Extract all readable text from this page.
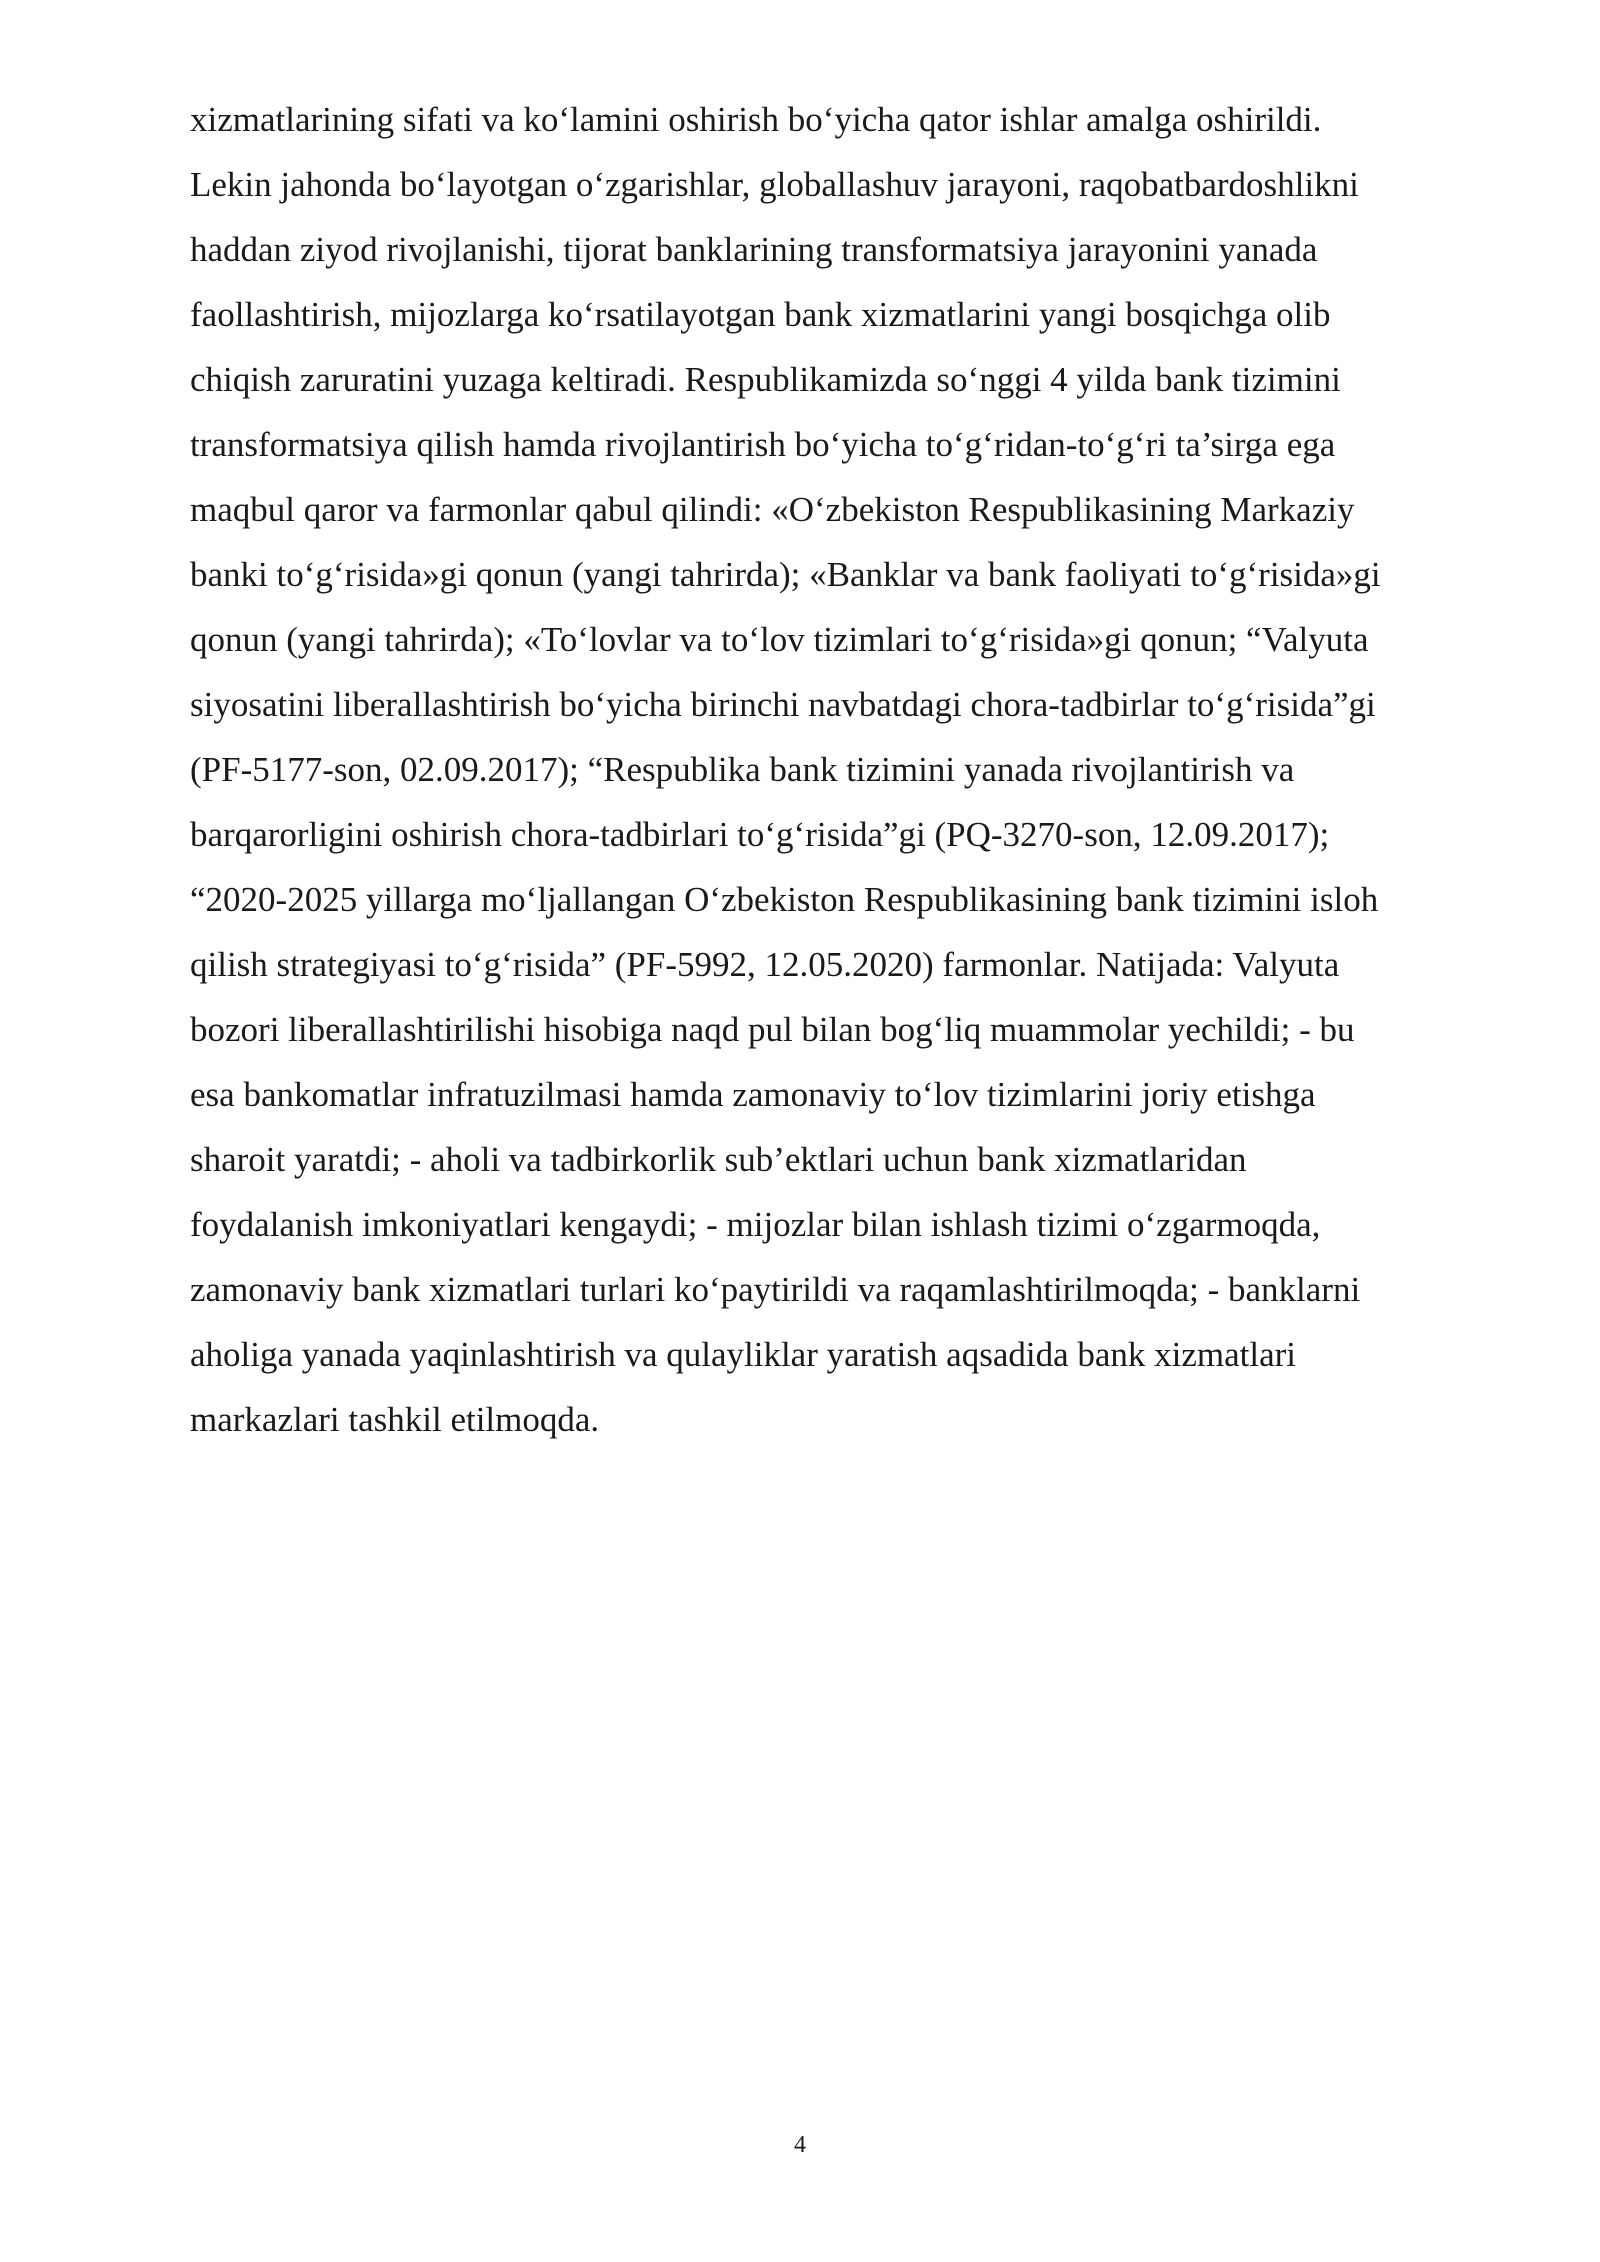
xizmatlarining sifati va ko‘lamini oshirish bo‘yicha qator ishlar amalga oshirildi.
Lekin jahonda bo‘layotgan o‘zgarishlar, globallashuv jarayoni, raqobatbardoshlikni
haddan ziyod rivojlanishi, tijorat banklarining transformatsiya jarayonini yanada
faollashtirish, mijozlarga ko‘rsatilayotgan bank xizmatlarini yangi bosqichga olib
chiqish zaruratini yuzaga keltiradi. Respublikamizda so‘nggi 4 yilda bank tizimini
transformatsiya qilish hamda rivojlantirish bo‘yicha to‘g‘ridan-to‘g‘ri ta’sirga ega
maqbul qaror va farmonlar qabul qilindi: «O‘zbekiston Respublikasining Markaziy
banki to‘g‘risida»gi qonun (yangi tahrirda); «Banklar va bank faoliyati to‘g‘risida»gi
qonun (yangi tahrirda); «To‘lovlar va to‘lov tizimlari to‘g‘risida»gi qonun; “Valyuta
siyosatini liberallashtirish bo‘yicha birinchi navbatdagi chora-tadbirlar to‘g‘risida”gi
(PF-5177-son, 02.09.2017); “Respublika bank tizimini yanada rivojlantirish va
barqarorligini oshirish chora-tadbirlari to‘g‘risida”gi (PQ-3270-son, 12.09.2017);
“2020-2025 yillarga mo‘ljallangan O‘zbekiston Respublikasining bank tizimini isloh
qilish strategiyasi to‘g‘risida” (PF-5992, 12.05.2020) farmonlar. Natijada: Valyuta
bozori liberallashtirilishi hisobiga naqd pul bilan bog‘liq muammolar yechildi; - bu
esa bankomatlar infratuzilmasi hamda zamonaviy to‘lov tizimlarini joriy etishga
sharoit yaratdi; - aholi va tadbirkorlik sub’ektlari uchun bank xizmatlaridan
foydalanish imkoniyatlari kengaydi; - mijozlar bilan ishlash tizimi o‘zgarmoqda,
zamonaviy bank xizmatlari turlari ko‘paytirildi va raqamlashtirilmoqda; - banklarni
aholiga yanada yaqinlashtirish va qulayliklar yaratish aqsadida bank xizmatlari
markazlari tashkil etilmoqda.
4
